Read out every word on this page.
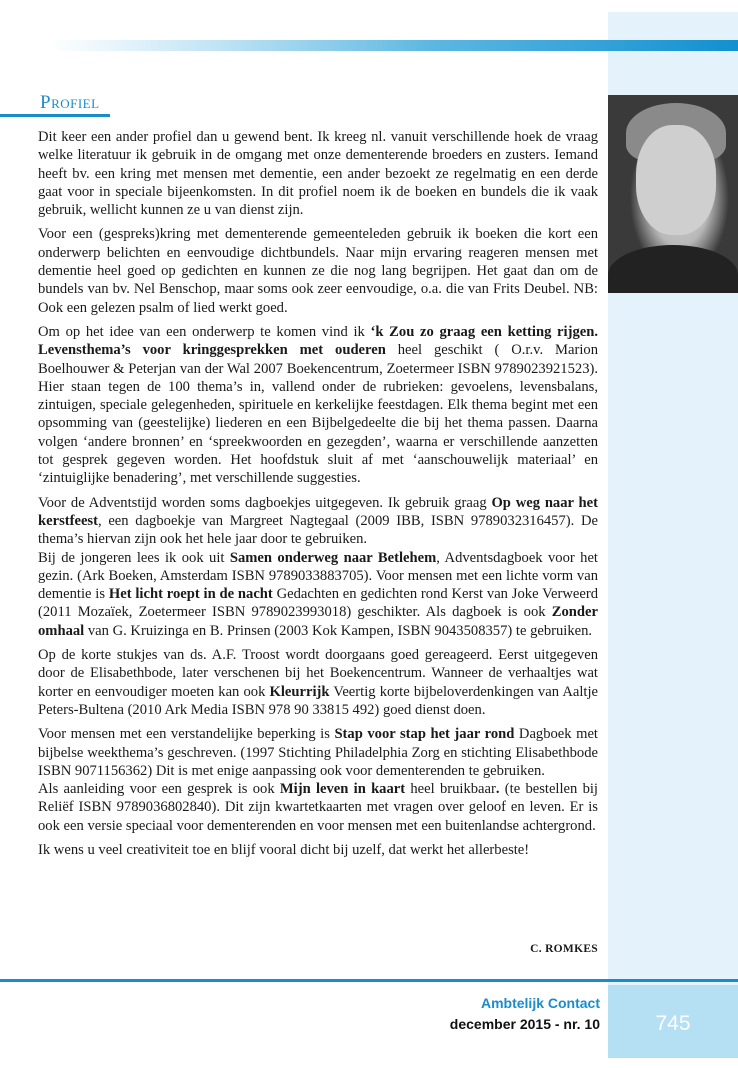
Profiel

Dit keer een ander profiel dan u gewend bent. Ik kreeg nl. vanuit verschillende hoek de vraag welke literatuur ik gebruik in de omgang met onze dementerende broeders en zusters. Iemand heeft bv. een kring met mensen met dementie, een ander bezoekt ze regelmatig en een derde gaat voor in speciale bijeenkomsten. In dit profiel noem ik de boeken en bundels die ik vaak gebruik, wellicht kunnen ze u van dienst zijn.

Voor een (gespreks)kring met dementerende gemeenteleden gebruik ik boeken die kort een onderwerp belichten en eenvoudige dichtbundels. Naar mijn ervaring reageren mensen met dementie heel goed op gedichten en kunnen ze die nog lang begrijpen. Het gaat dan om de bundels van bv. Nel Benschop, maar soms ook zeer eenvoudige, o.a. die van Frits Deubel. NB: Ook een gelezen psalm of lied werkt goed.

Om op het idee van een onderwerp te komen vind ik ‘k Zou zo graag een ketting rijgen. Levensthema’s voor kringgesprekken met ouderen heel geschikt ( O.r.v. Marion Boelhouwer & Peterjan van der Wal 2007 Boekencentrum, Zoetermeer ISBN 9789023921523). Hier staan tegen de 100 thema’s in, vallend onder de rubrieken: gevoelens, levensbalans, zintuigen, speciale gelegenheden, spirituele en kerkelijke feestdagen. Elk thema begint met een opsomming van (geestelijke) liederen en een Bijbelgedeelte die bij het thema passen. Daarna volgen ‘andere bronnen’ en ‘spreekwoorden en gezegden’, waarna er verschillende aanzetten tot gesprek gegeven worden. Het hoofdstuk sluit af met ‘aanschouwelijk materiaal’ en ‘zintuiglijke benadering’, met verschillende suggesties.

Voor de Adventstijd worden soms dagboekjes uitgegeven. Ik gebruik graag Op weg naar het kerstfeest, een dagboekje van Margreet Nagtegaal (2009 IBB, ISBN 9789032316457). De thema’s hiervan zijn ook het hele jaar door te gebruiken.
Bij de jongeren lees ik ook uit Samen onderweg naar Betlehem, Adventsdagboek voor het gezin. (Ark Boeken, Amsterdam ISBN 9789033883705). Voor mensen met een lichte vorm van dementie is Het licht roept in de nacht Gedachten en gedichten rond Kerst van Joke Verweerd (2011 Mozaïek, Zoetermeer ISBN 9789023993018) geschikter. Als dagboek is ook Zonder omhaal van G. Kruizinga en B. Prinsen (2003 Kok Kampen, ISBN 9043508357) te gebruiken.

Op de korte stukjes van ds. A.F. Troost wordt doorgaans goed gereageerd. Eerst uitgegeven door de Elisabethbode, later verschenen bij het Boekencentrum. Wanneer de verhaaltjes wat korter en eenvoudiger moeten kan ook Kleurrijk Veertig korte bijbeloverdenkingen van Aaltje Peters-Bultena (2010 Ark Media ISBN 978 90 33815 492) goed dienst doen.

Voor mensen met een verstandelijke beperking is Stap voor stap het jaar rond Dagboek met bijbelse weekthema’s geschreven. (1997 Stichting Philadelphia Zorg en stichting Elisabethbode ISBN 9071156362) Dit is met enige aanpassing ook voor dementerenden te gebruiken.
Als aanleiding voor een gesprek is ook Mijn leven in kaart heel bruikbaar. (te bestellen bij Reliëf ISBN 9789036802840). Dit zijn kwartetkaarten met vragen over geloof en leven. Er is ook een versie speciaal voor dementerenden en voor mensen met een buitenlandse achtergrond.

Ik wens u veel creativiteit toe en blijf vooral dicht bij uzelf, dat werkt het allerbeste!

C. ROMKES
Ambtelijk Contact
december 2015 - nr. 10	745
